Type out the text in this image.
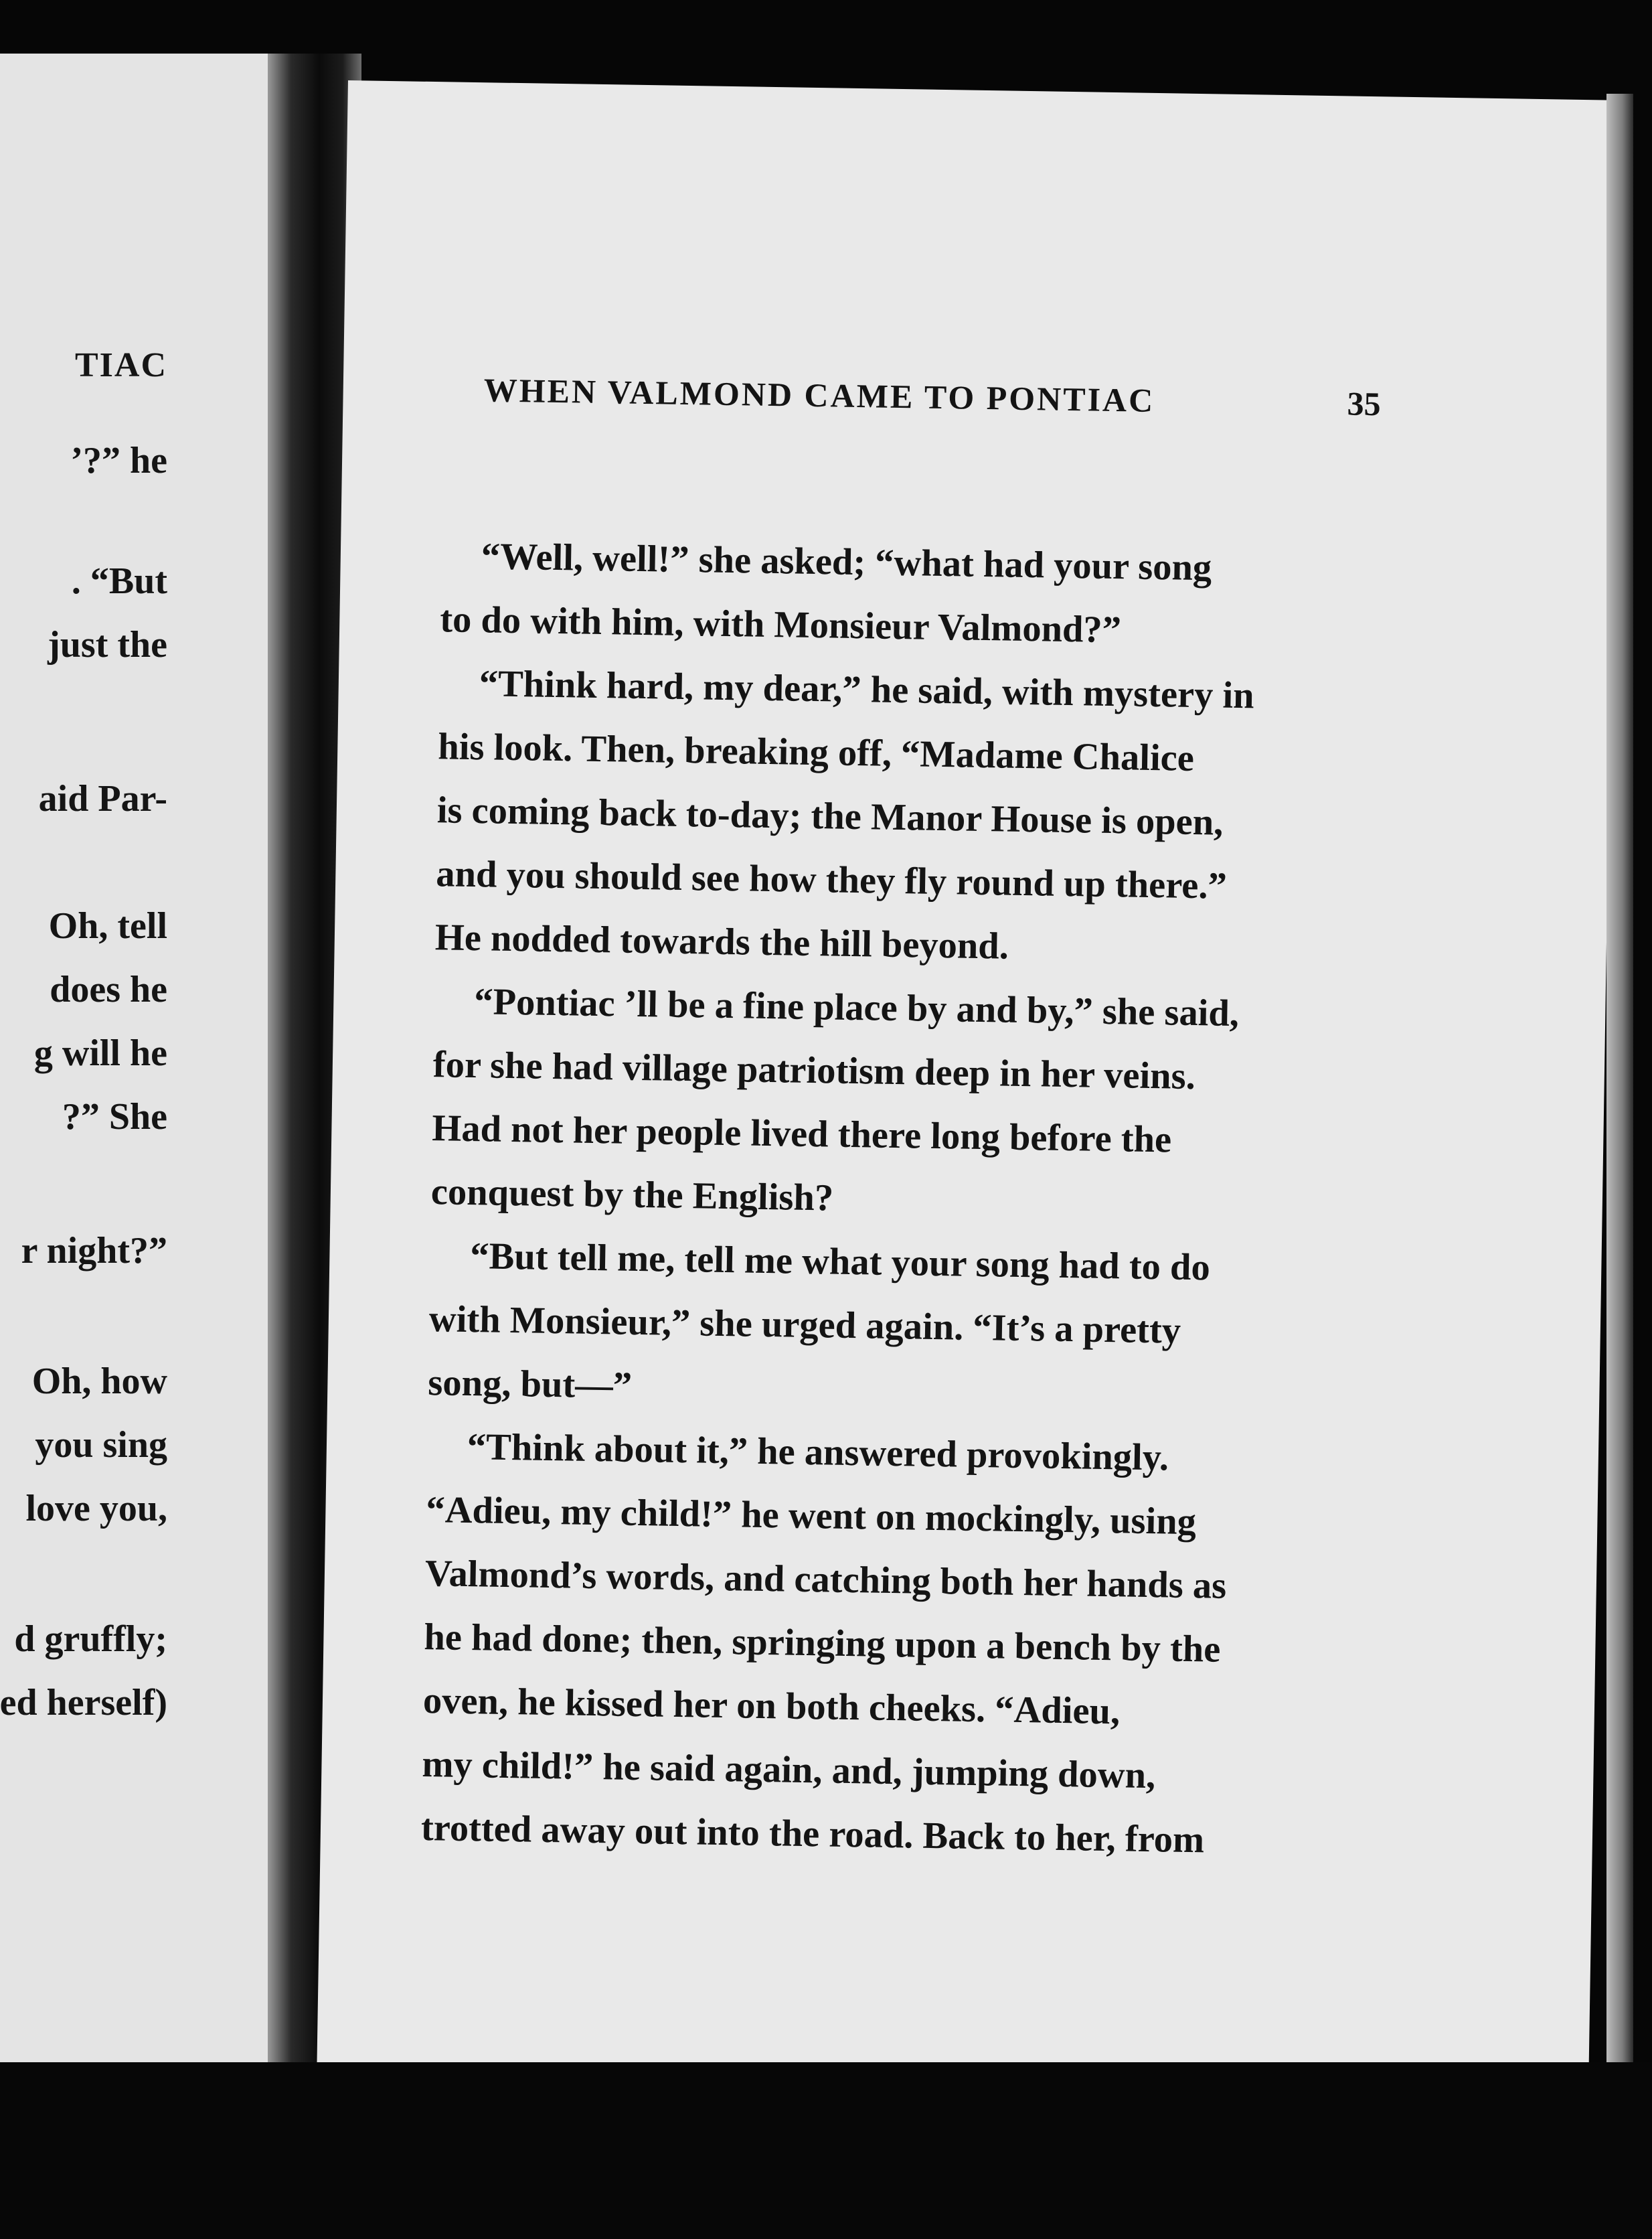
TIAC

’?” he

. “But

just the

aid Par-

Oh, tell

does he

g will he

?” She

r night?”

Oh, how

you sing

love you,

d gruffly;

ed herself)

WHEN VALMOND CAME TO PONTIAC	35
“Well, well!” she asked; “what had your song
to do with him, with Monsieur Valmond?”
“Think hard, my dear,” he said, with mystery in
his look. Then, breaking off, “Madame Chalice
is coming back to-day; the Manor House is open,
and you should see how they fly round up there.”
He nodded towards the hill beyond.
“Pontiac ’ll be a fine place by and by,” she said,
for she had village patriotism deep in her veins.
Had not her people lived there long before the
conquest by the English?
“But tell me, tell me what your song had to do
with Monsieur,” she urged again. “It’s a pretty
song, but—”
“Think about it,” he answered provokingly.
“Adieu, my child!” he went on mockingly, using
Valmond’s words, and catching both her hands as
he had done; then, springing upon a bench by the
oven, he kissed her on both cheeks. “Adieu,
my child!” he said again, and, jumping down,
trotted away out into the road. Back to her, from
